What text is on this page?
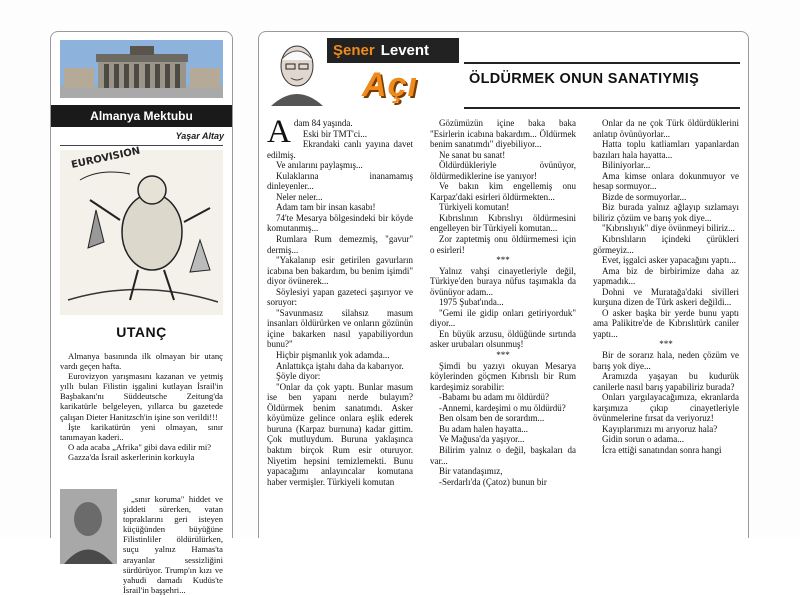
Almanya Mektubu
Yaşar Altay
EUROVISION
UTANÇ

Almanya basınında ilk olmayan bir utanç vardı geçen hafta.

Eurovizyon yarışmasını kazanan ve yetmiş yıllı bulan Filistin işgalini kutlayan İsrail'in Başbakanı'nı Süddeutsche Zeitung'da karikatürle belgeleyen, yıllarca bu gazetede çalışan Dieter Hanitzsch'in işine son verildi!!!

İşte karikatürün yeni olmayan, sınır tanımayan kaderi..

O ada acaba „Afrika" gibi dava edilir mi?

Gazza'da İsrail askerlerinin korkuyla

„sınır koruma" hiddet ve şiddeti sürerken, vatan topraklarını geri isteyen küçüğünden büyüğüne Filistinliler öldürülürken, suçu yalnız Hamas'ta arayanlar sessizliğini sürdürüyor. Trump'ın kızı ve yahudi damadı Kudüs'te İsrail'in başşehri...

Şener Levent
Açı	ÖLDÜRMEK ONUN SANATIYMIŞ

Adam 84 yaşında.

Eski bir TMT'ci...

Ekrandaki canlı yayına davet edilmiş.

Ve anılarını paylaşmış...

Kulaklarına inanamamış dinleyenler...

Neler neler...

Adam tam bir insan kasabı!

74'te Mesarya bölgesindeki bir köyde komutanmış...

Rumlara Rum demezmiş, "gavur" dermiş...

"Yakalanıp esir getirilen gavurların icabına ben bakardım, bu benim işimdi" diyor övünerek...

Söylesiyi yapan gazeteci şaşırıyor ve soruyor:

"Savunmasız silahsız masum insanları öldürürken ve onların gözünün içine bakarken nasıl yapabiliyordun bunu?"

Hiçbir pişmanlık yok adamda...

Anlattıkça iştahı daha da kabarıyor.

Şöyle diyor:

"Onlar da çok yaptı. Bunlar masum ise ben yapanı nerde bulayım? Öldürmek benim sanatımdı. Asker köyümüze gelince onlara eşlik ederek buruna (Karpaz burnuna) kadar gittim. Çok mutluydum. Buruna yaklaşınca baktım birçok Rum esir oturuyor. Niyetim hepsini temizlemekti. Bunu yapacağımı anlayıncalar komutana haber vermişler. Türkiyeli komutan

Gözümüzün içine baka baka "Esirlerin icabına bakardım... Öldürmek benim sanatımdı" diyebiliyor...

Ne sanat bu sanat!

Öldürdükleriyle övünüyor, öldürmediklerine ise yanıyor!

Ve bakın kim engellemiş onu Karpaz'daki esirleri öldürmekten...

Türkiyeli komutan!

Kıbrıslının Kıbrıslıyı öldürmesini engelleyen bir Türkiyeli komutan...

Zor zaptetmiş onu öldürmemesi için o esirleri!

***

Yalnız vahşi cinayetleriyle değil, Türkiye'den buraya nüfus taşımakla da övünüyor adam...

1975 Şubat'ında...

"Gemi ile gidip onları getiriyorduk" diyor...

En büyük arzusu, öldüğünde sırtında asker urubaları olsunmuş!

***

Şimdi bu yazıyı okuyan Mesarya köylerinden göçmen Kıbrıslı bir Rum kardeşimiz sorabilir:

-Babamı bu adam mı öldürdü?

-Annemi, kardeşimi o mu öldürdü?

Ben olsam ben de sorardım...

Bu adam halen hayatta...

Ve Mağusa'da yaşıyor...

Bilirim yalnız o değil, başkaları da var...

Bir vatandaşımız,

-Serdarlı'da (Çatoz) bunun bir

Onlar da ne çok Türk öldürdüklerini anlatıp övünüyorlar...

Hatta toplu katliamları yapanlardan bazıları hala hayatta...

Biliniyorlar...

Ama kimse onlara dokunmuyor ve hesap sormuyor...

Bizde de sormuyorlar...

Biz burada yalnız ağlayıp sızlamayı biliriz çözüm ve barış yok diye...

"Kıbrıslıyık" diye övünmeyi biliriz...

Kıbrıslıların içindeki çürükleri görmeyiz...

Evet, işgalci asker yapacağını yaptı...

Ama biz de birbirimize daha az yapmadık...

Dohni ve Muratağa'daki sivilleri kurşuna dizen de Türk askeri değildi...

O asker başka bir yerde bunu yaptı ama Palikitre'de de Kıbrıslıtürk caniler yaptı...

***

Bir de sorarız hala, neden çözüm ve barış yok diye...

Aramızda yaşayan bu kudurük canilerle nasıl barış yapabiliriz burada?

Onları yargılayacağımıza, ekranlarda karşımıza çıkıp cinayetleriyle övünmelerine fırsat da veriyoruz!

Kayıplarımızı mı arıyoruz hala?

Gidin sorun o adama...

İcra ettiği sanatından sonra hangi
